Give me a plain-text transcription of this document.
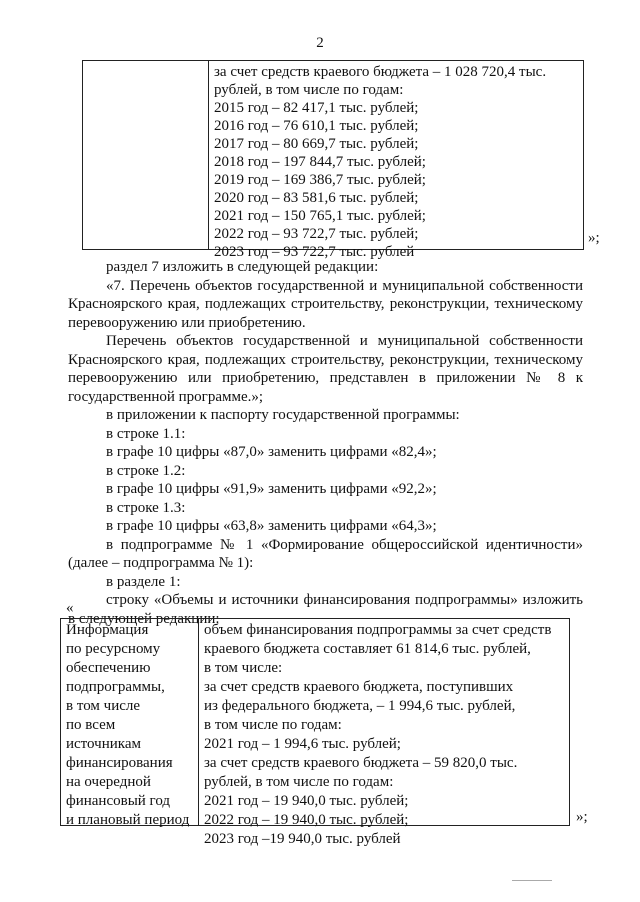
2
за счет средств краевого бюджета – 1 028 720,4 тыс.
рублей, в том числе по годам:
2015 год – 82 417,1 тыс. рублей;
2016 год – 76 610,1 тыс. рублей;
2017 год – 80 669,7 тыс. рублей;
2018 год – 197 844,7 тыс. рублей;
2019 год – 169 386,7 тыс. рублей;
2020 год – 83 581,6 тыс. рублей;
2021 год – 150 765,1 тыс. рублей;
2022 год – 93 722,7 тыс. рублей;
2023 год – 93 722,7 тыс. рублей
»;

раздел 7 изложить в следующей редакции:

«7. Перечень объектов государственной и муниципальной собственности Красноярского края, подлежащих строительству, реконструкции, техническому перевооружению или приобретению.

Перечень объектов государственной и муниципальной собственности Красноярского края, подлежащих строительству, реконструкции, техническому перевооружению или приобретению, представлен в приложении № 8 к государственной программе.»;

в приложении к паспорту государственной программы:

в строке 1.1:

в графе 10 цифры «87,0» заменить цифрами «82,4»;

в строке 1.2:

в графе 10 цифры «91,9» заменить цифрами «92,2»;

в строке 1.3:

в графе 10 цифры «63,8» заменить цифрами «64,3»;

в подпрограмме № 1 «Формирование общероссийской идентичности» (далее – подпрограмма № 1):

в разделе 1:

строку «Объемы и источники финансирования подпрограммы» изложить в следующей редакции:

«
Информация
по ресурсному
обеспечению
подпрограммы,
в том числе
по всем
источникам
финансирования
на очередной
финансовый год
и плановый период
объем финансирования подпрограммы за счет средств
краевого бюджета составляет 61 814,6 тыс. рублей,
в том числе:
за счет средств краевого бюджета, поступивших
из федерального бюджета, – 1 994,6 тыс. рублей,
в том числе по годам:
2021 год – 1 994,6 тыс. рублей;
за счет средств краевого бюджета – 59 820,0 тыс.
рублей, в том числе по годам:
2021 год – 19 940,0 тыс. рублей;
2022 год – 19 940,0 тыс. рублей;
2023 год –19 940,0 тыс. рублей
»;
